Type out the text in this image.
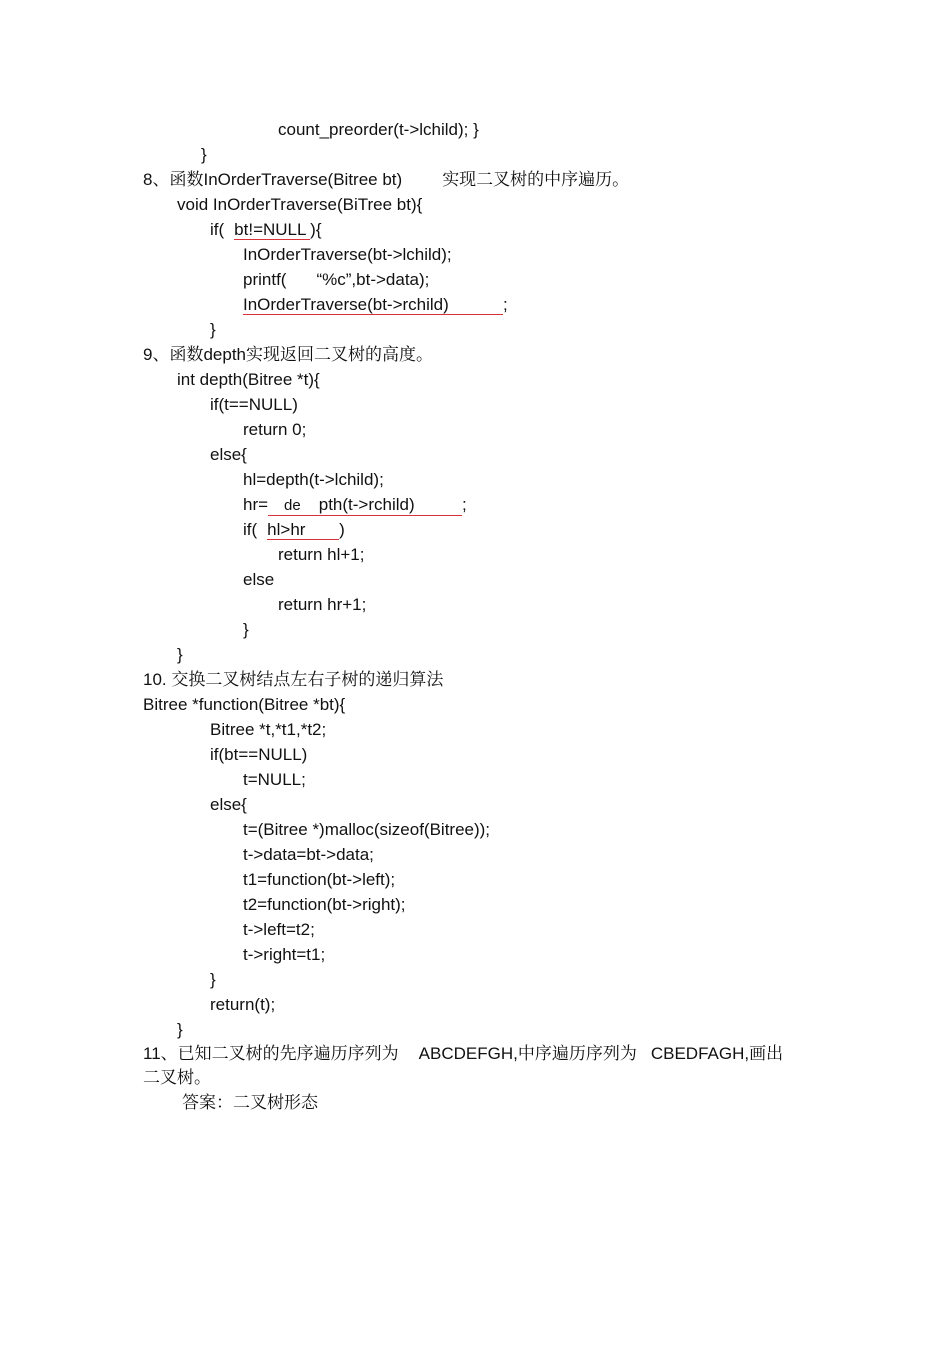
count_preorder(t->lchild); }
}
8、函数InOrderTraverse(Bitree bt) 实现二叉树的中序遍历。
void InOrderTraverse(BiTree bt){
if( bt!=NULL ){
InOrderTraverse(bt->lchild);
printf( “%c”,bt->data);
InOrderTraverse(bt->rchild)	;
}
9、函数depth实现返回二叉树的高度。
int depth(Bitree *t){
if(t==NULL)
return 0;
else{
hl=depth(t->lchild);
hr= de pth(t->rchild)	;
if( hl>hr )
return hl+1;
else
return hr+1;
}
}
10. 交换二叉树结点左右子树的递归算法
Bitree *function(Bitree *bt){
Bitree *t,*t1,*t2;
if(bt==NULL)
t=NULL;
else{
t=(Bitree *)malloc(sizeof(Bitree));
t->data=bt->data;
t1=function(bt->left);
t2=function(bt->right);
t->left=t2;
t->right=t1;
}
return(t);
}
11、已知二叉树的先序遍历序列为 ABCDEFGH,中序遍历序列为 CBEDFAGH,画出
二叉树。
答案：二叉树形态
